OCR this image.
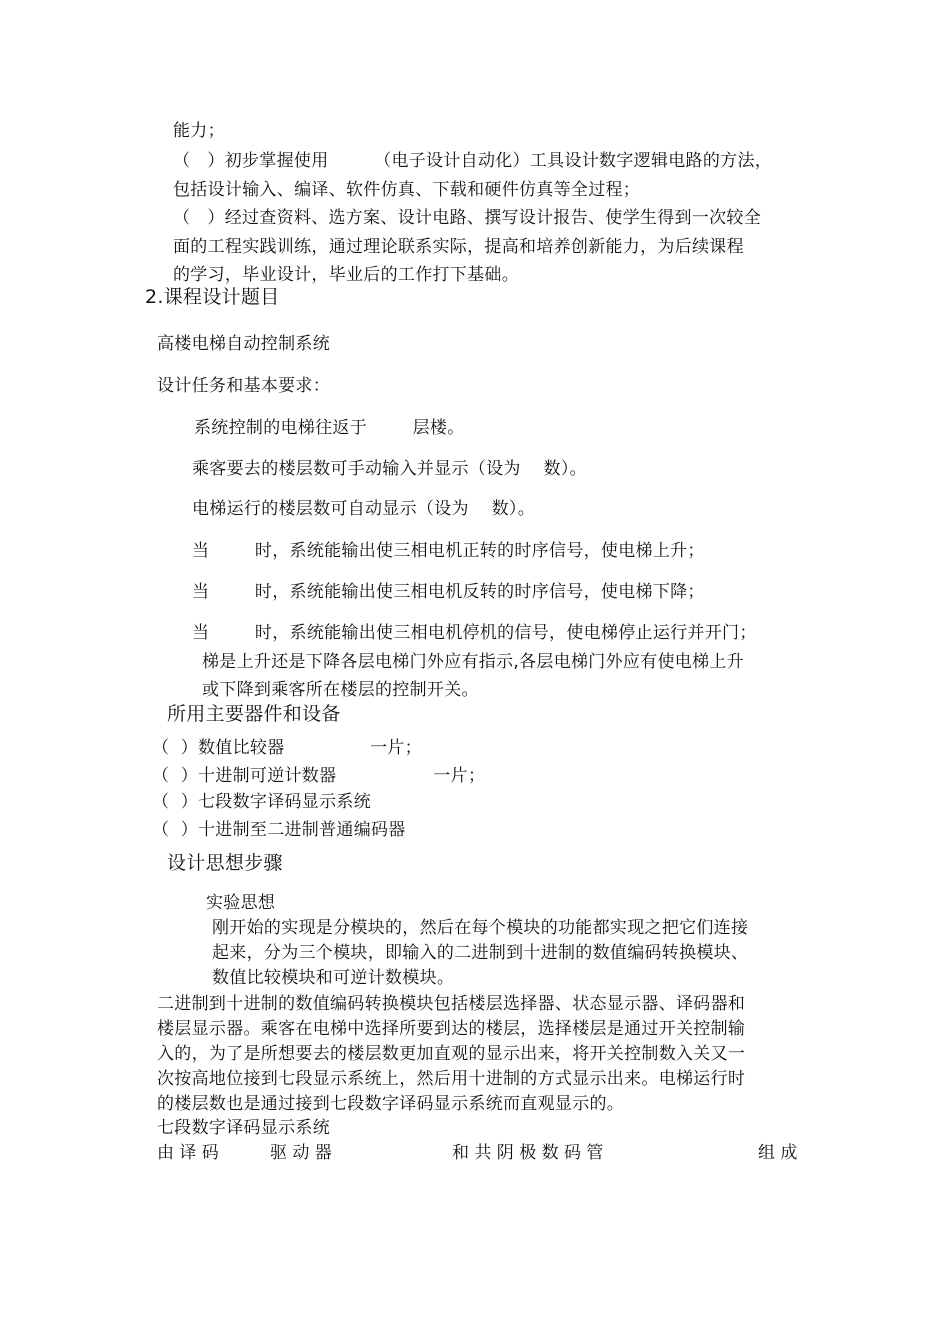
能力；
（   ）初步掌握使用        （电子设计自动化）工具设计数字逻辑电路的方法，
包括设计输入、编译、软件仿真、下载和硬件仿真等全过程；
（   ）经过查资料、选方案、设计电路、撰写设计报告、使学生得到一次较全
面的工程实践训练，通过理论联系实际，提高和培养创新能力，为后续课程
的学习，毕业设计，毕业后的工作打下基础。
2.课程设计题目
高楼电梯自动控制系统
设计任务和基本要求：
系统控制的电梯往返于        层楼。
乘客要去的楼层数可手动输入并显示（设为    数）。
电梯运行的楼层数可自动显示（设为    数）。
当        时，系统能输出使三相电机正转的时序信号，使电梯上升；
当        时，系统能输出使三相电机反转的时序信号，使电梯下降；
当        时，系统能输出使三相电机停机的信号，使电梯停止运行并开门；
梯是上升还是下降各层电梯门外应有指示,各层电梯门外应有使电梯上升
或下降到乘客所在楼层的控制开关。
所用主要器件和设备
（  ）数值比较器               一片；
（  ）十进制可逆计数器                 一片；
（  ）七段数字译码显示系统
（  ）十进制至二进制普通编码器
设计思想步骤
实验思想
刚开始的实现是分模块的，然后在每个模块的功能都实现之把它们连接
起来，分为三个模块，即输入的二进制到十进制的数值编码转换模块、
数值比较模块和可逆计数模块。
二进制到十进制的数值编码转换模块包括楼层选择器、状态显示器、译码器和
楼层显示器。乘客在电梯中选择所要到达的楼层，选择楼层是通过开关控制输
入的，为了是所想要去的楼层数更加直观的显示出来，将开关控制数入关又一
次按高地位接到七段显示系统上，然后用十进制的方式显示出来。电梯运行时
的楼层数也是通过接到七段数字译码显示系统而直观显示的。
七段数字译码显示系统
由 译 码	驱 动 器	和 共 阴 极 数 码 管	组 成
